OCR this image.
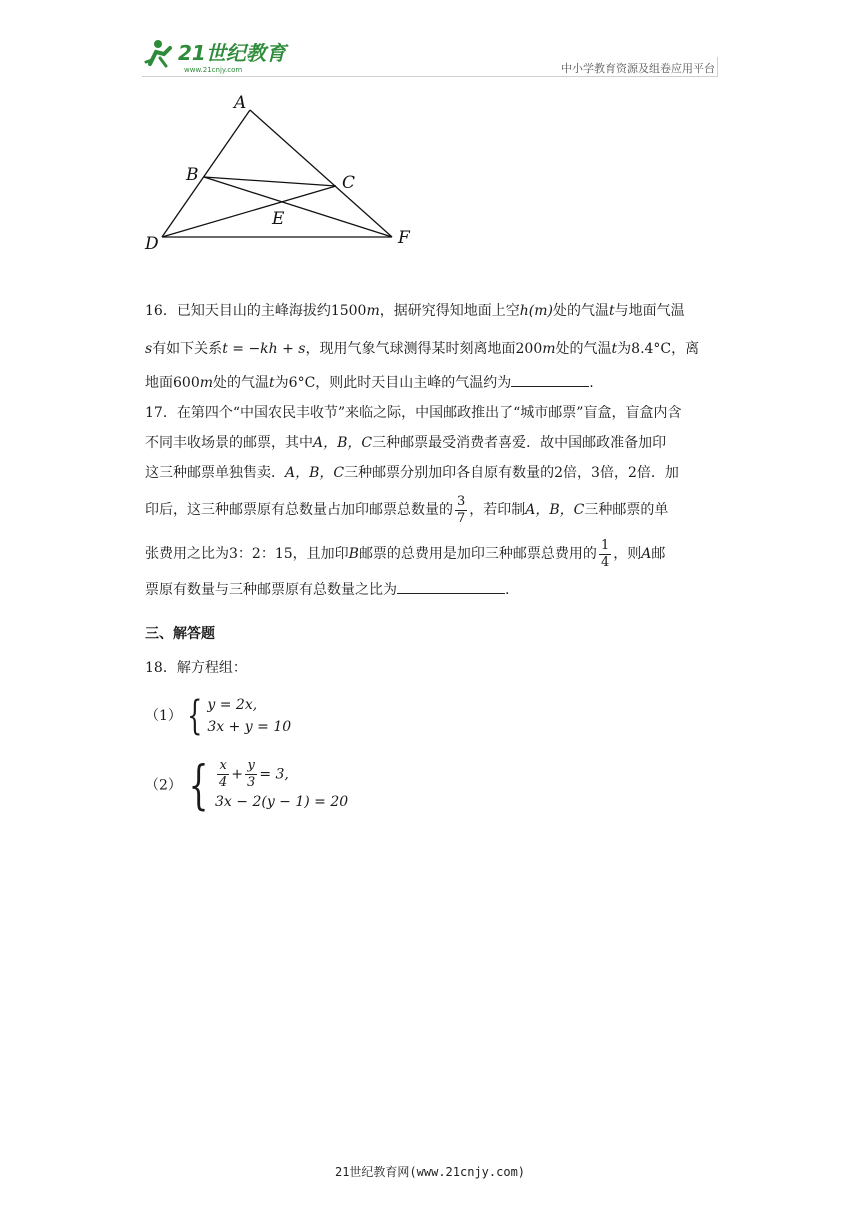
21世纪教育
www.21cnjy.com	中小学教育资源及组卷应用平台
A
B	C
D
E
F
16．已知天目山的主峰海拔约1500m，据研究得知地面上空h(m)处的气温t与地面气温
s有如下关系t = −kh + s，现用气象气球测得某时刻离地面200m处的气温t为8.4°C，离
地面600m处的气温t为6°C，则此时天目山主峰的气温约为	.
17．在第四个“中国农民丰收节”来临之际，中国邮政推出了“城市邮票”盲盒，盲盒内含
不同丰收场景的邮票，其中A，B，C三种邮票最受消费者喜爱．故中国邮政准备加印
这三种邮票单独售卖．A，B，C三种邮票分别加印各自原有数量的2倍，3倍，2倍．加
印后，这三种邮票原有总数量占加印邮票总数量的 $\frac{3}{7}$ ，若印制A，B，C三种邮票的单
张费用之比为3：2：15，且加印B邮票的总费用是加印三种邮票总费用的 $\frac{1}{4}$ ，则A邮
票原有数量与三种邮票原有总数量之比为	.
三、解答题
18．解方程组：
（1） { y = 2x,
3x + y = 10
（2） { $\frac{x}{4} + \frac{y}{3} = 3$,
3x − 2(y − 1) = 20
21世纪教育网(www.21cnjy.com)
